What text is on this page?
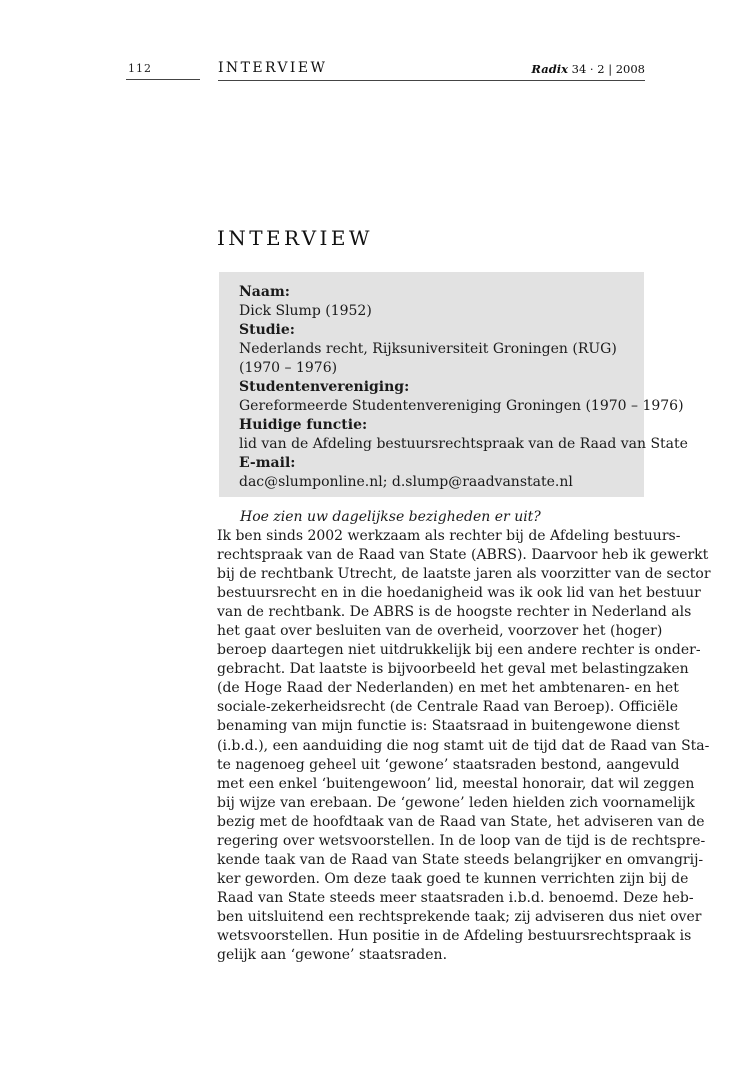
112	INTERVIEW	Radix 34 · 2 | 2008
INTERVIEW
Naam:
Dick Slump (1952)
Studie:
Nederlands recht, Rijksuniversiteit Groningen (RUG)
(1970 – 1976)
Studentenvereniging:
Gereformeerde Studentenvereniging Groningen (1970 – 1976)
Huidige functie:
lid van de Afdeling bestuursrechtspraak van de Raad van State
E-mail:
dac@slumponline.nl; d.slump@raadvanstate.nl
Hoe zien uw dagelijkse bezigheden er uit?
Ik ben sinds 2002 werkzaam als rechter bij de Afdeling bestuurs-
rechtspraak van de Raad van State (ABRS). Daarvoor heb ik gewerkt
bij de rechtbank Utrecht, de laatste jaren als voorzitter van de sector
bestuursrecht en in die hoedanigheid was ik ook lid van het bestuur
van de rechtbank. De ABRS is de hoogste rechter in Nederland als
het gaat over besluiten van de overheid, voorzover het (hoger)
beroep daartegen niet uitdrukkelijk bij een andere rechter is onder-
gebracht. Dat laatste is bijvoorbeeld het geval met belastingzaken
(de Hoge Raad der Nederlanden) en met het ambtenaren- en het
sociale-zekerheidsrecht (de Centrale Raad van Beroep). Officiële
benaming van mijn functie is: Staatsraad in buitengewone dienst
(i.b.d.), een aanduiding die nog stamt uit de tijd dat de Raad van Sta-
te nagenoeg geheel uit ‘gewone’ staatsraden bestond, aangevuld
met een enkel ‘buitengewoon’ lid, meestal honorair, dat wil zeggen
bij wijze van erebaan. De ‘gewone’ leden hielden zich voornamelijk
bezig met de hoofdtaak van de Raad van State, het adviseren van de
regering over wetsvoorstellen. In de loop van de tijd is de rechtspre-
kende taak van de Raad van State steeds belangrijker en omvangrij-
ker geworden. Om deze taak goed te kunnen verrichten zijn bij de
Raad van State steeds meer staatsraden i.b.d. benoemd. Deze heb-
ben uitsluitend een rechtsprekende taak; zij adviseren dus niet over
wetsvoorstellen. Hun positie in de Afdeling bestuursrechtspraak is
gelijk aan ‘gewone’ staatsraden.
